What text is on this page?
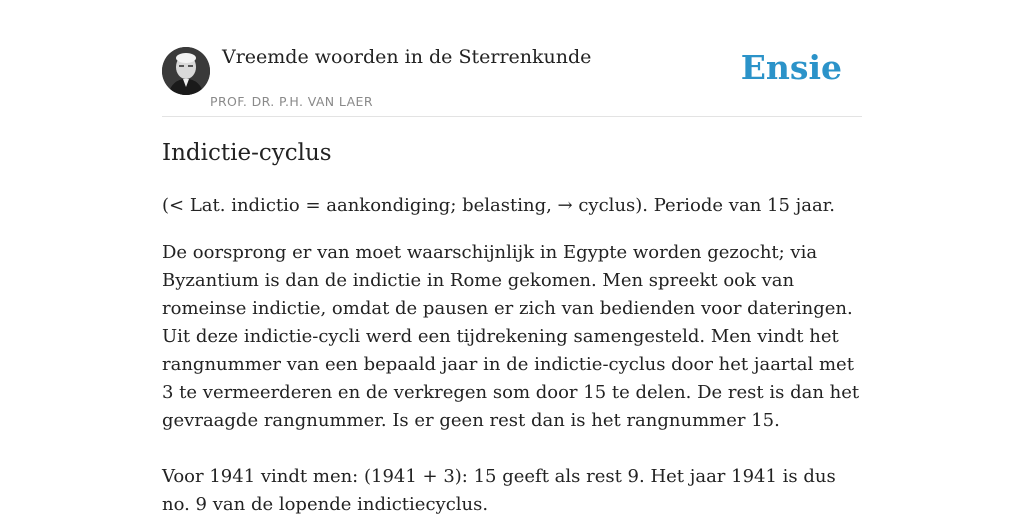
Vreemde woorden in de Sterrenkunde
PROF. DR. P.H. VAN LAER
Ensie
Indictie-cyclus

(< Lat. indictio = aankondiging; belasting, → cyclus). Periode van 15 jaar.

De oorsprong er van moet waarschijnlijk in Egypte worden gezocht; via Byzantium is dan de indictie in Rome gekomen. Men spreekt ook van romeinse indictie, omdat de pausen er zich van bedienden voor dateringen. Uit deze indictie-cycli werd een tijdrekening samengesteld. Men vindt het rangnummer van een bepaald jaar in de indictie-cyclus door het jaartal met 3 te vermeerderen en de verkregen som door 15 te delen. De rest is dan het gevraagde rangnummer. Is er geen rest dan is het rangnummer 15.

Voor 1941 vindt men: (1941 + 3): 15 geeft als rest 9. Het jaar 1941 is dus no. 9 van de lopende indictiecyclus.
